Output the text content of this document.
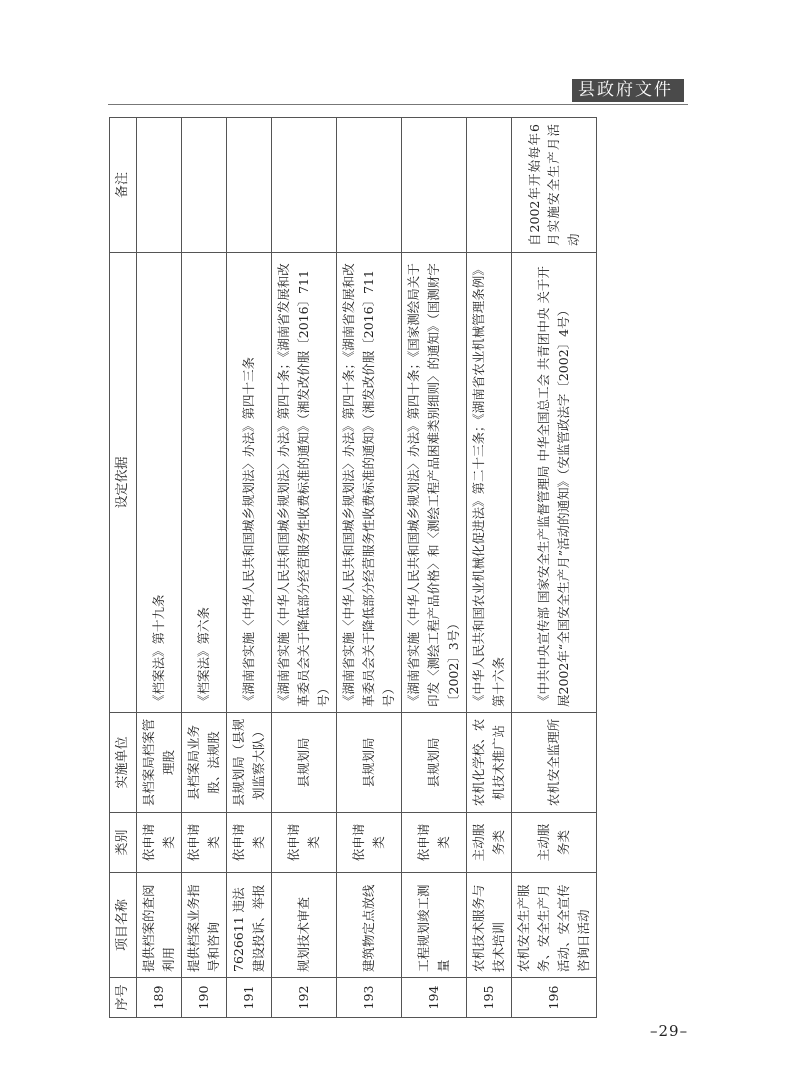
县政府文件
序号	项目名称	类别	实施单位	设定依据	备注
189	提供档案的查阅利用	依申请类	县档案局档案管理股	《档案法》第十九条	
190	提供档案业务指导和咨询	依申请类	县档案局业务股、法规股	《档案法》第六条	
191	7626611 违法建设投诉、举报	依申请类	县规划局（县规划监察大队）	《湖南省实施〈中华人民共和国城乡规划法〉办法》第四十三条	
192	规划技术审查	依申请类	县规划局	《湖南省实施〈中华人民共和国城乡规划法〉办法》第四十条；《湖南省发展和改革委员会关于降低部分经营服务性收费标准的通知》（湘发改价服〔2016〕711号）	
193	建筑物定点放线	依申请类	县规划局	《湖南省实施〈中华人民共和国城乡规划法〉办法》第四十条；《湖南省发展和改革委员会关于降低部分经营服务性收费标准的通知》（湘发改价服〔2016〕711号）	
194	工程规划竣工测量	依申请类	县规划局	《湖南省实施〈中华人民共和国城乡规划法〉办法》第四十条；《国家测绘局关于印发〈测绘工程产品价格〉和〈测绘工程产品困难类别细则〉的通知》（国测财字〔2002〕3号）	
195	农机技术服务与技术培训	主动服务类	农机化学校、农机技术推广站	《中华人民共和国农业机械化促进法》第二十三条；《湖南省农业机械管理条例》第十六条	
196	农机安全生产服务、安全生产月活动、安全宣传咨询日活动	主动服务类	农机安全监理所	《中共中央宣传部 国家安全生产监督管理局 中华全国总工会 共青团中央 关于开展2002年“全国安全生产月”活动的通知》（安监管政法字〔2002〕4号）	自2002年开始每年6月实施安全生产月活动
–29–
